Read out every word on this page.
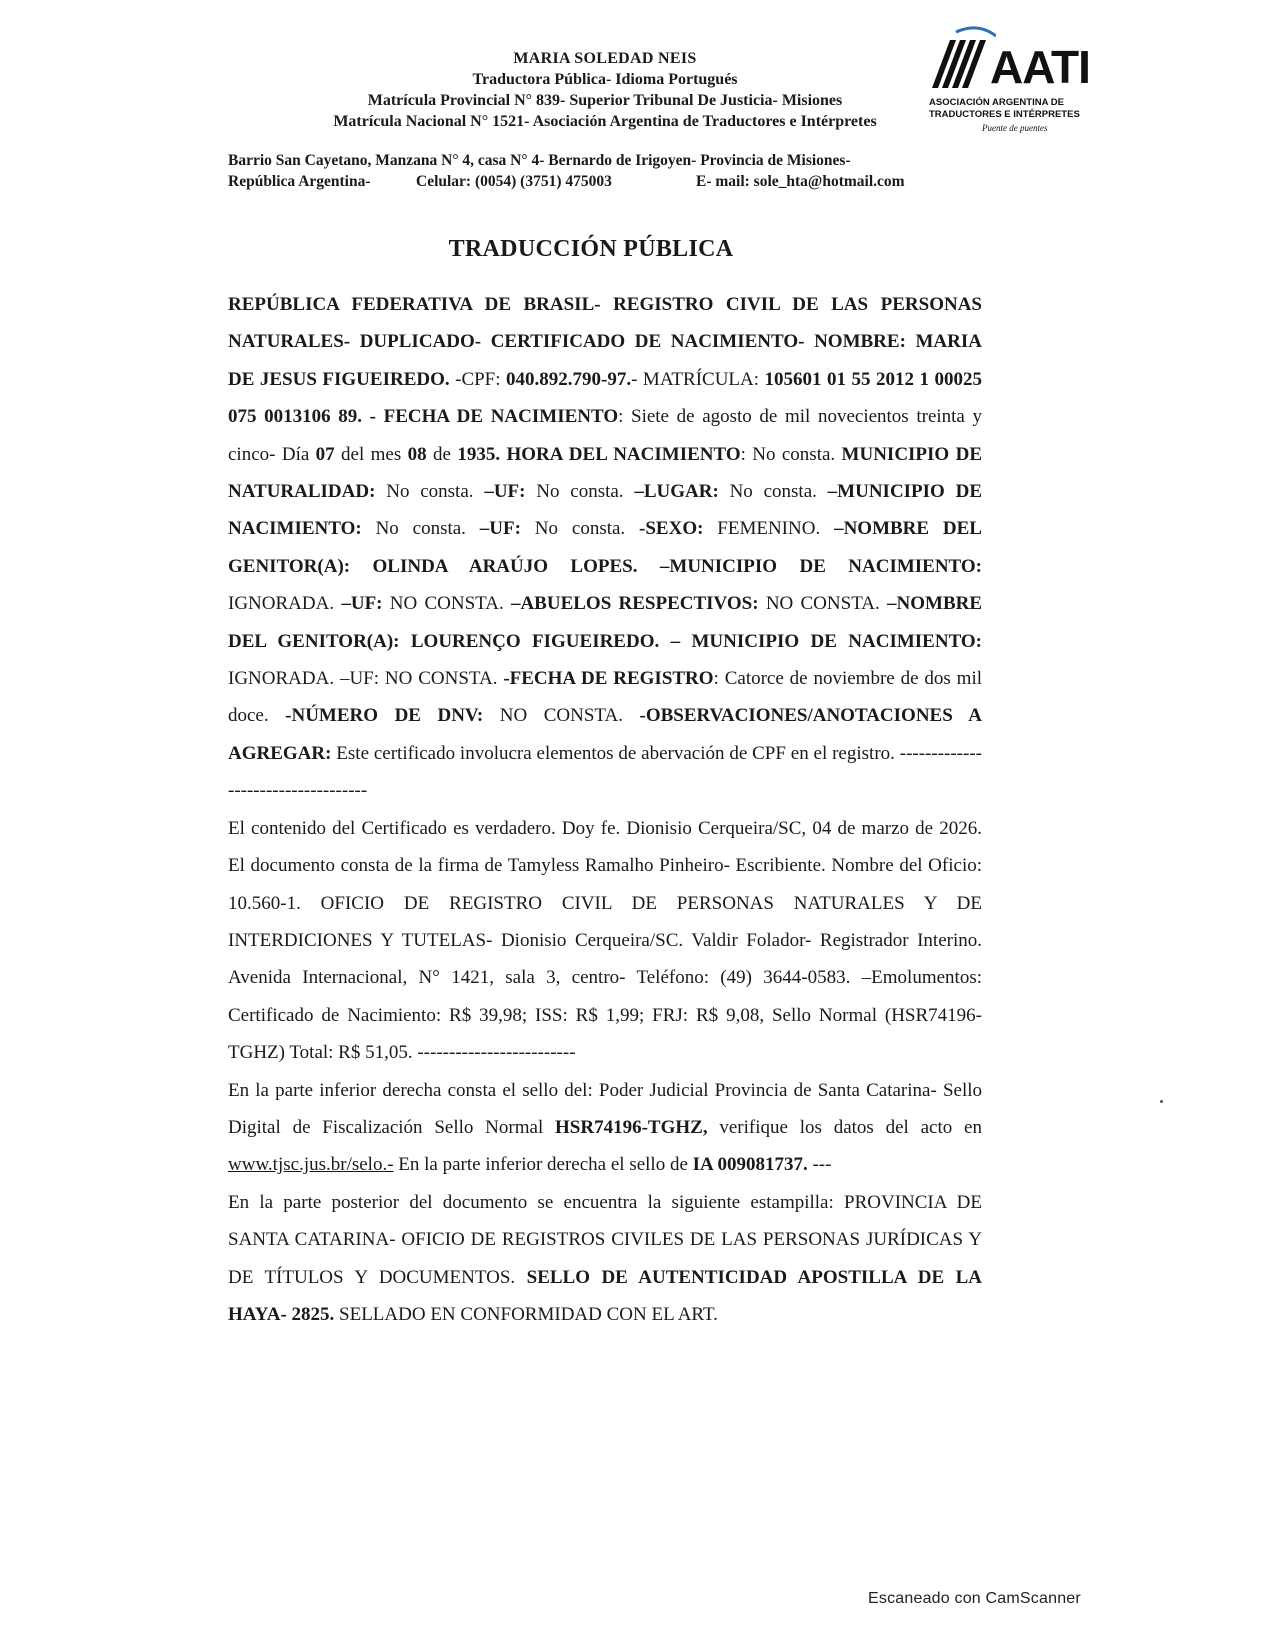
MARIA SOLEDAD NEIS
Traductora Pública- Idioma Portugués
Matrícula Provincial N° 839- Superior Tribunal De Justicia- Misiones
Matrícula Nacional N° 1521- Asociación Argentina de Traductores e Intérpretes
AATI
ASOCIACIÓN ARGENTINA DE
TRADUCTORES E INTÉRPRETES
Puente de puentes
Barrio San Cayetano, Manzana N° 4, casa N° 4- Bernardo de Irigoyen- Provincia de Misiones-
República Argentina-	Celular: (0054) (3751) 475003	E- mail: sole_hta@hotmail.com
TRADUCCIÓN PÚBLICA

REPÚBLICA FEDERATIVA DE BRASIL- REGISTRO CIVIL DE LAS PERSONAS NATURALES- DUPLICADO- CERTIFICADO DE NACIMIENTO- NOMBRE: MARIA DE JESUS FIGUEIREDO. -CPF: 040.892.790-97.- MATRÍCULA: 105601 01 55 2012 1 00025 075 0013106 89. - FECHA DE NACIMIENTO: Siete de agosto de mil novecientos treinta y cinco- Día 07 del mes 08 de 1935. HORA DEL NACIMIENTO: No consta. MUNICIPIO DE NATURALIDAD: No consta. –UF: No consta. –LUGAR: No consta. –MUNICIPIO DE NACIMIENTO: No consta. –UF: No consta. -SEXO: FEMENINO. –NOMBRE DEL GENITOR(A): OLINDA ARAÚJO LOPES. –MUNICIPIO DE NACIMIENTO: IGNORADA. –UF: NO CONSTA. –ABUELOS RESPECTIVOS: NO CONSTA. –NOMBRE DEL GENITOR(A): LOURENÇO FIGUEIREDO. – MUNICIPIO DE NACIMIENTO: IGNORADA. –UF: NO CONSTA. -FECHA DE REGISTRO: Catorce de noviembre de dos mil doce. -NÚMERO DE DNV: NO CONSTA. -OBSERVACIONES/ANOTACIONES A AGREGAR: Este certificado involucra elementos de abervación de CPF en el registro. -----------------------------------

El contenido del Certificado es verdadero. Doy fe. Dionisio Cerqueira/SC, 04 de marzo de 2026. El documento consta de la firma de Tamyless Ramalho Pinheiro- Escribiente. Nombre del Oficio: 10.560-1. OFICIO DE REGISTRO CIVIL DE PERSONAS NATURALES Y DE INTERDICIONES Y TUTELAS- Dionisio Cerqueira/SC. Valdir Folador- Registrador Interino. Avenida Internacional, N° 1421, sala 3, centro- Teléfono: (49) 3644-0583. –Emolumentos: Certificado de Nacimiento: R$ 39,98; ISS: R$ 1,99; FRJ: R$ 9,08, Sello Normal (HSR74196-TGHZ) Total: R$ 51,05. -------------------------

En la parte inferior derecha consta el sello del: Poder Judicial Provincia de Santa Catarina- Sello Digital de Fiscalización Sello Normal HSR74196-TGHZ, verifique los datos del acto en www.tjsc.jus.br/selo.- En la parte inferior derecha el sello de IA 009081737. ---

En la parte posterior del documento se encuentra la siguiente estampilla: PROVINCIA DE SANTA CATARINA- OFICIO DE REGISTROS CIVILES DE LAS PERSONAS JURÍDICAS Y DE TÍTULOS Y DOCUMENTOS. SELLO DE AUTENTICIDAD APOSTILLA DE LA HAYA- 2825. SELLADO EN CONFORMIDAD CON EL ART.

Escaneado con CamScanner
